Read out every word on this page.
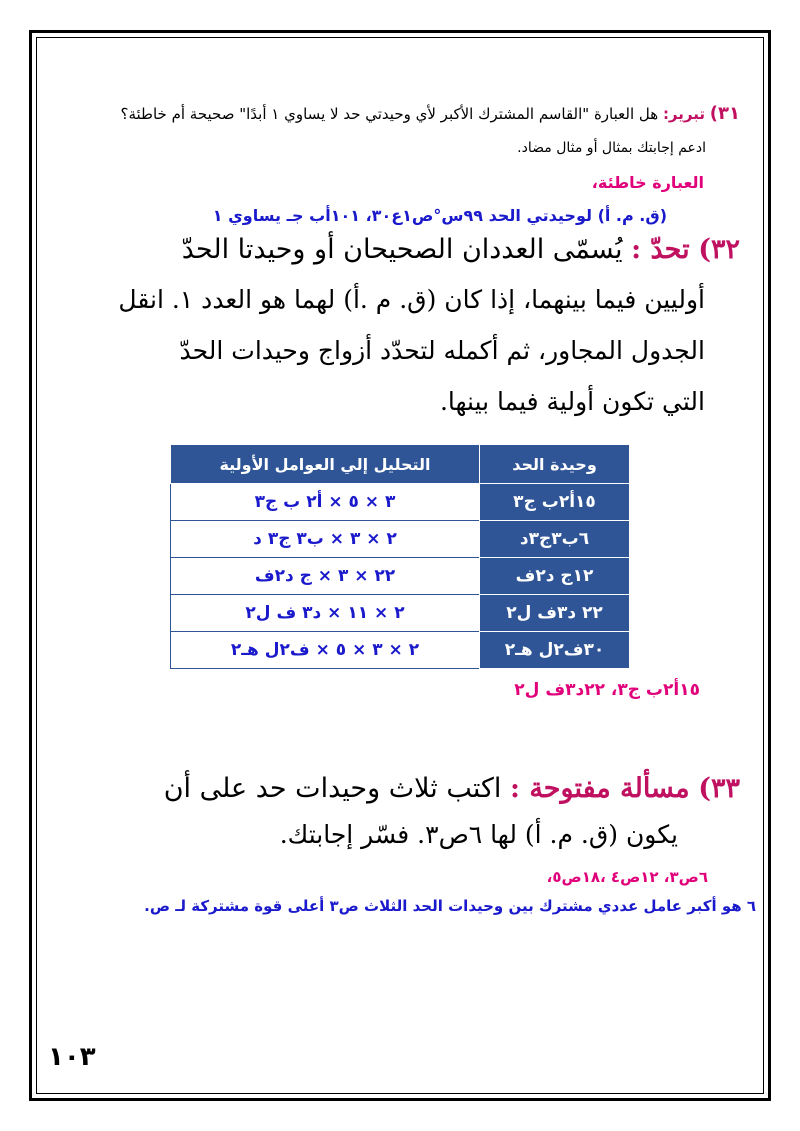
٣١) تبرير: هل العبارة "القاسم المشترك الأكبر لأي وحيدتي حد لا يساوي ١ أبدًا" صحيحة أم خاطئة؟
ادعم إجابتك بمثال أو مثال مضاد.
العبارة خاطئة،
(ق. م. أ) لوحيدتي الحد ٩٩س°ص١ع٣٠، ١٠١أب جـ يساوي ١
٣٢) تحدّ : يُسمّى العددان الصحيحان أو وحيدتا الحدّ
أوليين فيما بينهما، إذا كان (ق. م .أ) لهما هو العدد ١. انقل
الجدول المجاور، ثم أكمله لتحدّد أزواج وحيدات الحدّ
التي تكون أولية فيما بينها.
وحيدة الحد	التحليل إلي العوامل الأولية
١٥أ٢ب ج٣	٣ × ٥ × أ٢ ب ج٣
٦ب٣ج٣د	٢ × ٣ × ب٣ ج٣ د
١٢ج د٢ف	٢٢ × ٣ × ج د٢ف
٢٢ د٣ف ل٢	٢ × ١١ × د٣ ف ل٢
٣٠ف٢ل هـ٢	٢ × ٣ × ٥ × ف٢ل هـ٢
١٥أ٢ب ج٣، ٢٢د٣ف ل٢
٣٣) مسألة مفتوحة : اكتب ثلاث وحيدات حد على أن
يكون (ق. م. أ) لها ٦ص٣. فسّر إجابتك.
٦ص٣، ١٢ص٤ ،١٨ص٥،
٦ هو أكبر عامل عددي مشترك بين وحيدات الحد الثلاث ص٣ أعلى قوة مشتركة لـ ص.
١٠٣
